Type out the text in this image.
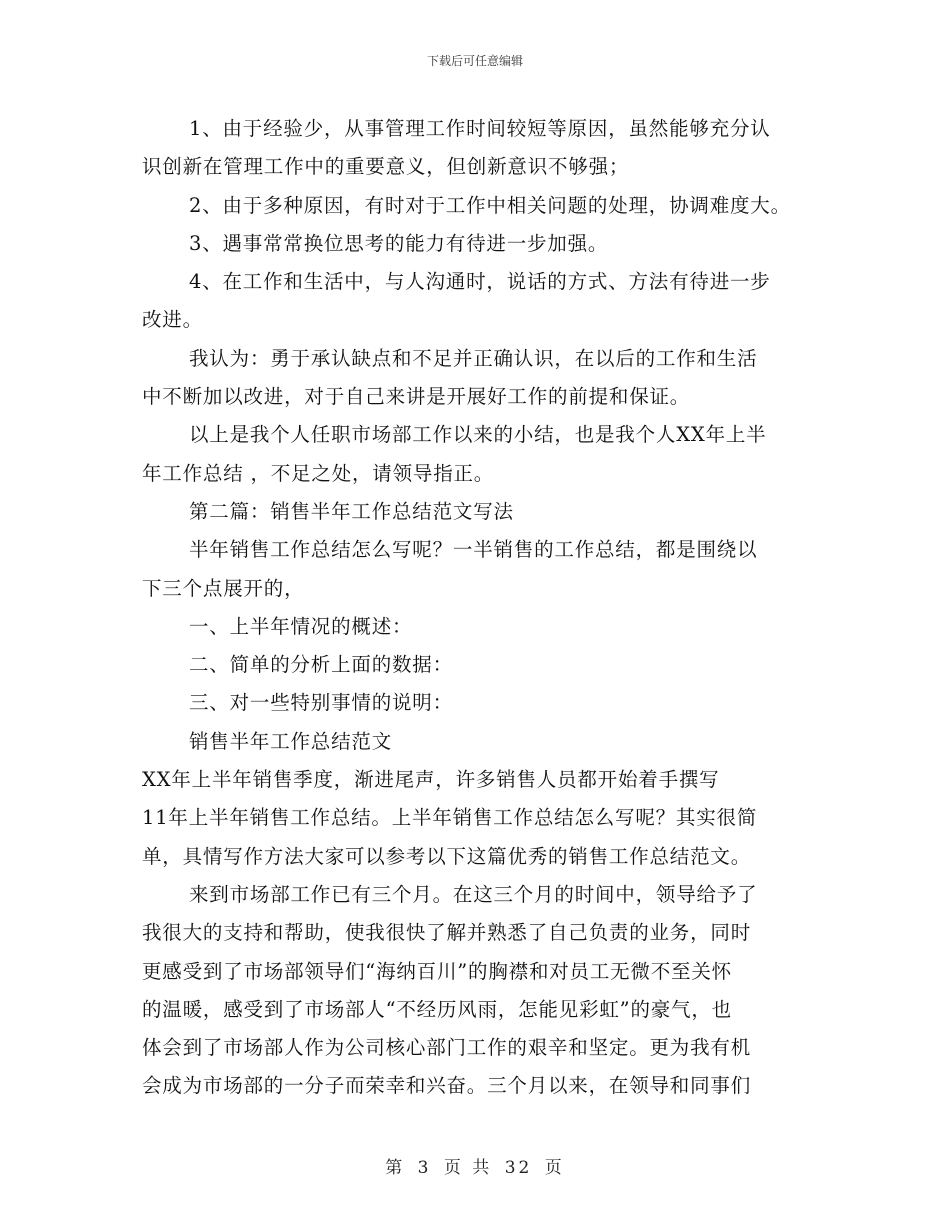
下载后可任意编辑
1、由于经验少，从事管理工作时间较短等原因，虽然能够充分认
识创新在管理工作中的重要意义，但创新意识不够强；
2、由于多种原因，有时对于工作中相关问题的处理，协调难度大。
3、遇事常常换位思考的能力有待进一步加强。
4、在工作和生活中，与人沟通时，说话的方式、方法有待进一步
改进。
我认为：勇于承认缺点和不足并正确认识，在以后的工作和生活
中不断加以改进，对于自己来讲是开展好工作的前提和保证。
以上是我个人任职市场部工作以来的小结，也是我个人XX年上半
年工作总结 ，不足之处，请领导指正。
第二篇：销售半年工作总结范文写法
半年销售工作总结怎么写呢？一半销售的工作总结，都是围绕以
下三个点展开的，
一、上半年情况的概述：
二、简单的分析上面的数据：
三、对一些特别事情的说明：
销售半年工作总结范文
XX年上半年销售季度，渐进尾声，许多销售人员都开始着手撰写
11年上半年销售工作总结。上半年销售工作总结怎么写呢？其实很简
单，具情写作方法大家可以参考以下这篇优秀的销售工作总结范文。
来到市场部工作已有三个月。在这三个月的时间中，领导给予了
我很大的支持和帮助，使我很快了解并熟悉了自己负责的业务，同时
更感受到了市场部领导们“海纳百川”的胸襟和对员工无微不至关怀
的温暖，感受到了市场部人“不经历风雨，怎能见彩虹”的豪气，也
体会到了市场部人作为公司核心部门工作的艰辛和坚定。更为我有机
会成为市场部的一分子而荣幸和兴奋。三个月以来，在领导和同事们
第 3 页 共 32 页
